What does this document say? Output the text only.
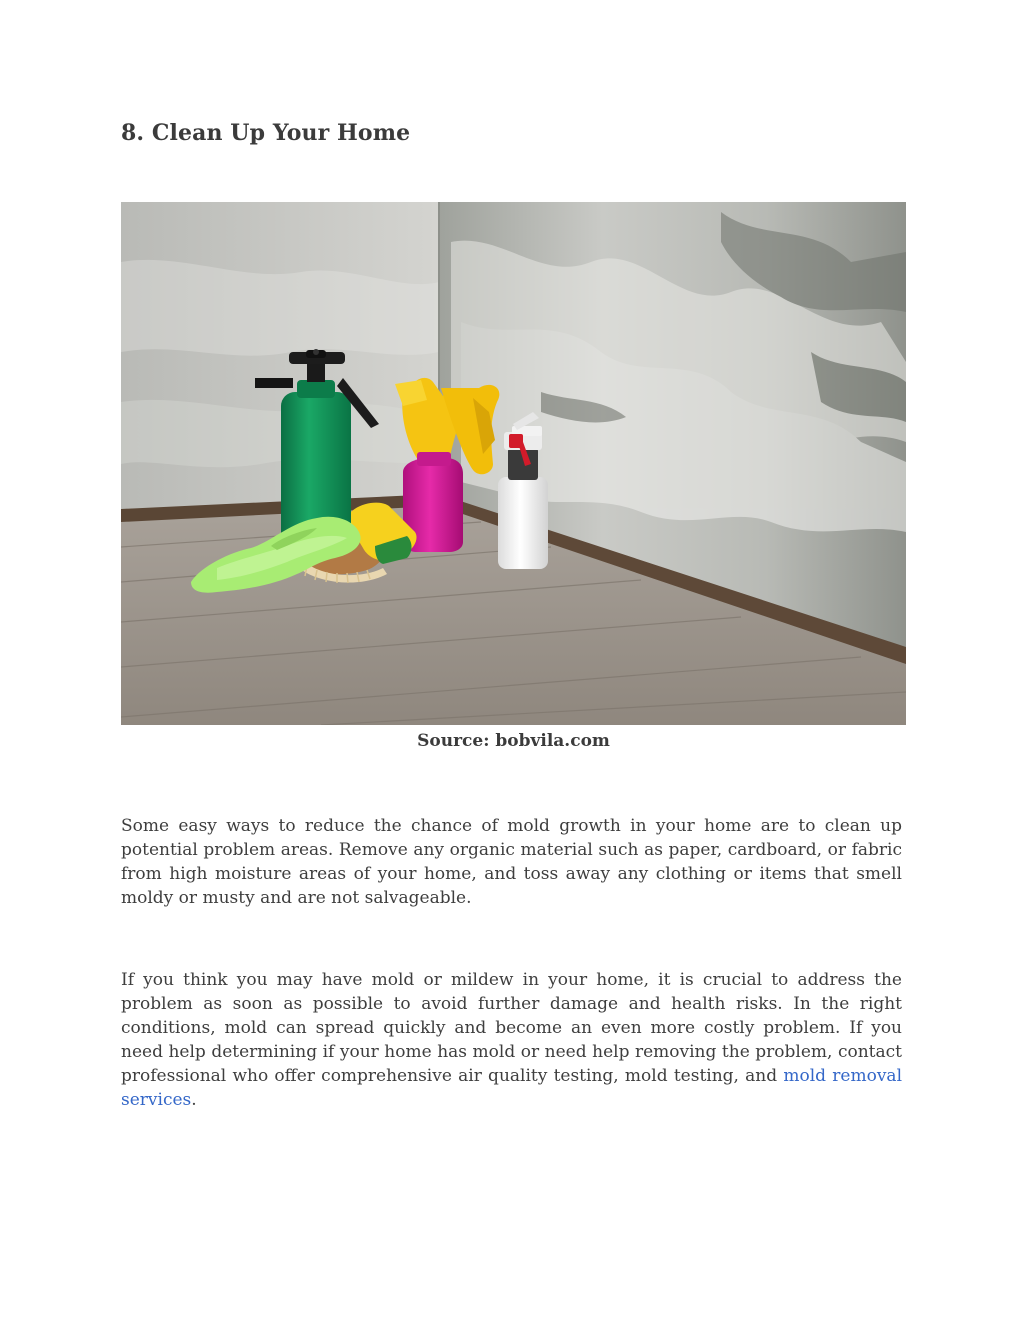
8. Clean Up Your Home
Source: bobvila.com

Some easy ways to reduce the chance of mold growth in your home are to clean up potential problem areas. Remove any organic material such as paper, cardboard, or fabric from high moisture areas of your home, and toss away any clothing or items that smell moldy or musty and are not salvageable.

If you think you may have mold or mildew in your home, it is crucial to address the problem as soon as possible to avoid further damage and health risks. In the right conditions, mold can spread quickly and become an even more costly problem. If you need help determining if your home has mold or need help removing the problem, contact professional who offer comprehensive air quality testing, mold testing, and mold removal services.
